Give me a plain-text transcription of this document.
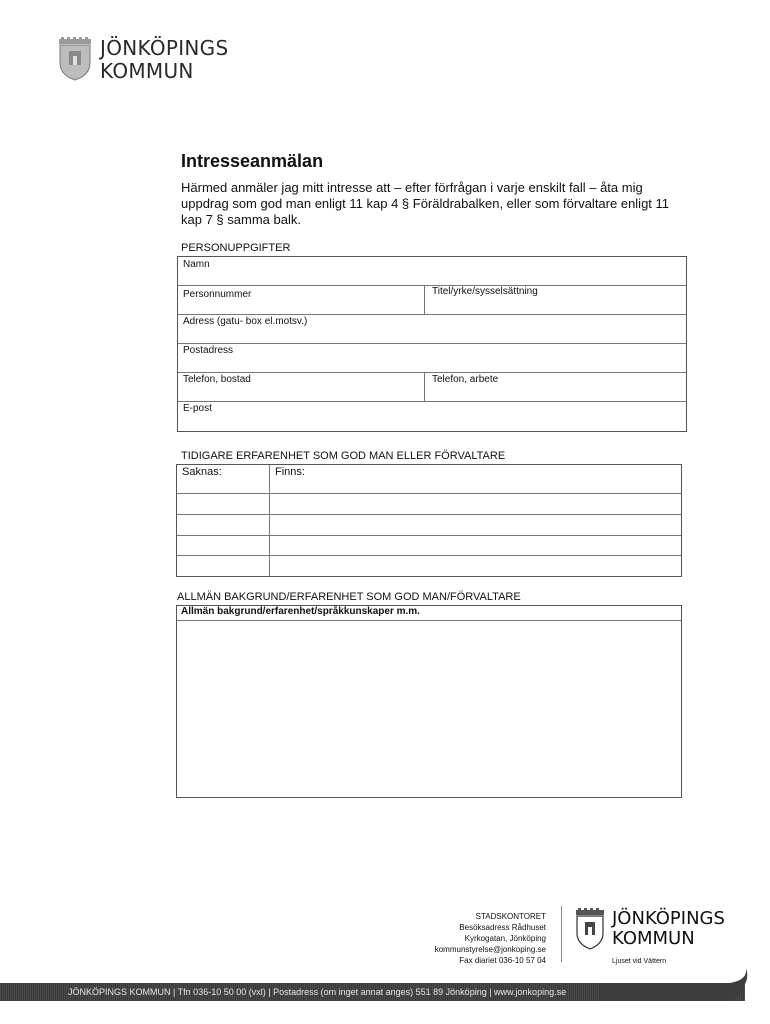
JÖNKÖPINGS
KOMMUN
Intresseanmälan

Härmed anmäler jag mitt intresse att – efter förfrågan i varje enskilt fall – åta mig uppdrag som god man enligt 11 kap 4 § Föräldrabalken, eller som förvaltare enligt 11 kap 7 § samma balk.

PERSONUPPGIFTER
Namn
Personnummer	Titel/yrke/sysselsättning
Adress (gatu- box el.motsv.)
Postadress
Telefon, bostad	Telefon, arbete
E-post
TIDIGARE ERFARENHET SOM GOD MAN ELLER FÖRVALTARE
Saknas:	Finns:
ALLMÄN BAKGRUND/ERFARENHET SOM GOD MAN/FÖRVALTARE
Allmän bakgrund/erfarenhet/språkkunskaper m.m.
STADSKONTORET
Besöksadress Rådhuset
Kyrkogatan, Jönköping
kommunstyrelse@jonkoping.se
Fax diariet 036-10 57 04
JÖNKÖPINGS
KOMMUN
Ljuset vid Vättern
JÖNKÖPINGS KOMMUN | Tfn 036-10 50 00 (vxl) | Postadress (om inget annat anges) 551 89 Jönköping | www.jonkoping.se
